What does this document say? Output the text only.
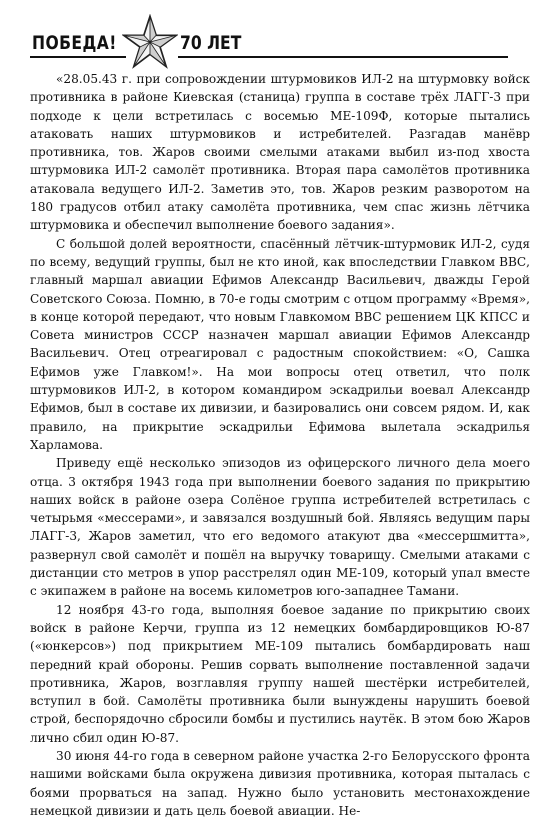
ПОБЕДА!	70 ЛЕТ

«28.05.43 г. при сопровождении штурмовиков ИЛ-2 на штурмовку войск противника в районе Киевская (станица) группа в составе трёх ЛАГГ-3 при подходе к цели встретилась с восемью МЕ-109Ф, которые пытались атаковать наших штурмовиков и истребителей. Разгадав манёвр противника, тов. Жаров своими смелыми атаками выбил из-под хвоста штурмовика ИЛ-2 самолёт противника. Вторая пара самолётов противника атаковала ведущего ИЛ-2. Заметив это, тов. Жаров резким разворотом на 180 градусов отбил атаку самолёта противника, чем спас жизнь лётчика штурмовика и обеспечил выполнение боевого задания».

С большой долей вероятности, спасённый лётчик-штурмовик ИЛ-2, судя по всему, ведущий группы, был не кто иной, как впоследствии Главком ВВС, главный маршал авиации Ефимов Александр Васильевич, дважды Герой Советского Союза. Помню, в 70-е годы смотрим с отцом программу «Время», в конце которой передают, что новым Главкомом ВВС решением ЦК КПСС и Совета министров СССР назначен маршал авиации Ефимов Александр Васильевич. Отец отреагировал с радостным спокойствием: «О, Сашка Ефимов уже Главком!». На мои вопросы отец ответил, что полк штурмовиков ИЛ-2, в котором командиром эскадрильи воевал Александр Ефимов, был в составе их дивизии, и базировались они совсем рядом. И, как правило, на прикрытие эскадрильи Ефимова вылетала эскадрилья Харламова.

Приведу ещё несколько эпизодов из офицерского личного дела моего отца. 3 октября 1943 года при выполнении боевого задания по прикрытию наших войск в районе озера Солёное группа истребителей встретилась с четырьмя «мессерами», и завязался воздушный бой. Являясь ведущим пары ЛАГГ-3, Жаров заметил, что его ведомого атакуют два «мессершмитта», развернул свой самолёт и пошёл на выручку товарищу. Смелыми атаками с дистанции сто метров в упор расстрелял один МЕ-109, который упал вместе с экипажем в районе на восемь километров юго-западнее Тамани.

12 ноября 43-го года, выполняя боевое задание по прикрытию своих войск в районе Керчи, группа из 12 немецких бомбардировщиков Ю-87 («юнкерсов») под прикрытием МЕ-109 пытались бомбардировать наш передний край обороны. Решив сорвать выполнение поставленной задачи противника, Жаров, возглавляя группу нашей шестёрки истребителей, вступил в бой. Самолёты противника были вынуждены нарушить боевой строй, беспорядочно сбросили бомбы и пустились наутёк. В этом бою Жаров лично сбил один Ю-87.

30 июня 44-го года в северном районе участка 2-го Белорусского фронта нашими войсками была окружена дивизия противника, которая пыталась с боями прорваться на запад. Нужно было установить местонахождение немецкой дивизии и дать цель боевой авиации. Не-
